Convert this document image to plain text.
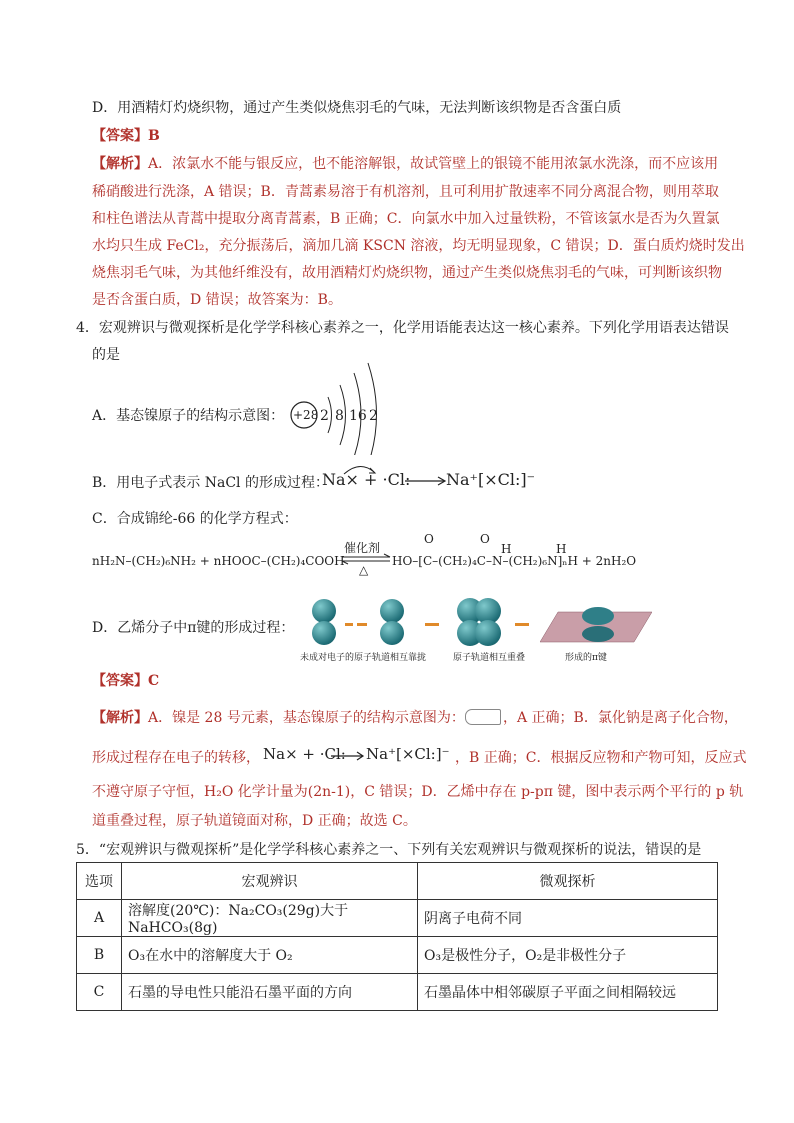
D．用酒精灯灼烧织物，通过产生类似烧焦羽毛的气味，无法判断该织物是否含蛋白质
【答案】B
【解析】A．浓氯水不能与银反应，也不能溶解银，故试管壁上的银镜不能用浓氯水洗涤，而不应该用
稀硝酸进行洗涤，A 错误；B．青蒿素易溶于有机溶剂，且可利用扩散速率不同分离混合物，则用萃取
和柱色谱法从青蒿中提取分离青蒿素，B 正确；C．向氯水中加入过量铁粉，不管该氯水是否为久置氯
水均只生成 FeCl₂，充分振荡后，滴加几滴 KSCN 溶液，均无明显现象，C 错误；D．蛋白质灼烧时发出
烧焦羽毛气味，为其他纤维没有，故用酒精灯灼烧织物，通过产生类似烧焦羽毛的气味，可判断该织物
是否含蛋白质，D 错误；故答案为：B。
4．宏观辨识与微观探析是化学学科核心素养之一，化学用语能表达这一核心素养。下列化学用语表达错误
的是
A．基态镍原子的结构示意图： +28 2 8 16 2
B．用电子式表示 NaCl 的形成过程：
Na× + ·Cl: Na⁺[×Cl:]⁻
C．合成锦纶-66 的化学方程式：
nH₂N–(CH₂)₆NH₂ + nHOOC–(CH₂)₄COOH
催化剂
△
O	O
H	H
HO–[C–(CH₂)₄C–N–(CH₂)₆N]ₙH + 2nH₂O
D．乙烯分子中π键的形成过程：
未成对电子的原子轨道相互靠拢	原子轨道相互重叠	形成的π键
【答案】C
【解析】A．镍是 28 号元素，基态镍原子的结构示意图为：	，A 正确；B．氯化钠是离子化合物，
形成过程存在电子的转移， Na× + ·Cl: Na⁺[×Cl:]⁻ ，B 正确；C．根据反应物和产物可知，反应式
不遵守原子守恒，H₂O 化学计量为(2n-1)，C 错误；D．乙烯中存在 p-pπ 键，图中表示两个平行的 p 轨
道重叠过程，原子轨道镜面对称，D 正确；故选 C。
5．“宏观辨识与微观探析”是化学学科核心素养之一、下列有关宏观辨识与微观探析的说法，错误的是
选项	宏观辨识	微观探析
A	溶解度(20℃)：Na₂CO₃(29g)大于 NaHCO₃(8g)	阴离子电荷不同
B	O₃在水中的溶解度大于 O₂	O₃是极性分子，O₂是非极性分子
C	石墨的导电性只能沿石墨平面的方向	石墨晶体中相邻碳原子平面之间相隔较远
